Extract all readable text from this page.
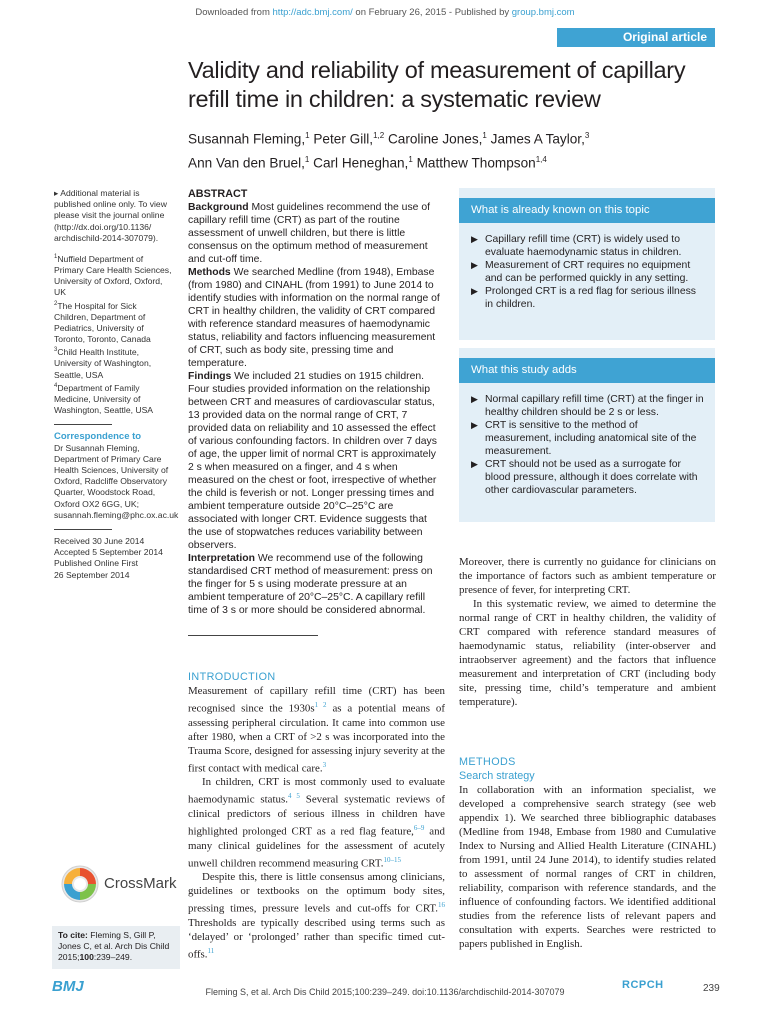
Downloaded from http://adc.bmj.com/ on February 26, 2015 - Published by group.bmj.com
Original article
Validity and reliability of measurement of capillary refill time in children: a systematic review
Susannah Fleming,$^1$ Peter Gill,$^{1,2}$ Caroline Jones,$^1$ James A Taylor,$^3$
Ann Van den Bruel,$^1$ Carl Heneghan,$^1$ Matthew Thompson$^{1,4}$
▸ Additional material is published online only. To view please visit the journal online (http://dx.doi.org/10.1136/ archdischild-2014-307079).
$^1$Nuffield Department of Primary Care Health Sciences, University of Oxford, Oxford, UK
$^2$The Hospital for Sick Children, Department of Pediatrics, University of Toronto, Toronto, Canada
$^3$Child Health Institute, University of Washington, Seattle, USA
$^4$Department of Family Medicine, University of Washington, Seattle, USA
Correspondence to
Dr Susannah Fleming, Department of Primary Care Health Sciences, University of Oxford, Radcliffe Observatory Quarter, Woodstock Road, Oxford OX2 6GG, UK; susannah.fleming@phc.ox.ac.uk
Received 30 June 2014
Accepted 5 September 2014
Published Online First
26 September 2014
CrossMark
To cite: Fleming S, Gill P, Jones C, et al. Arch Dis Child 2015;100:239–249.
BMJ
ABSTRACT
Background Most guidelines recommend the use of capillary refill time (CRT) as part of the routine assessment of unwell children, but there is little consensus on the optimum method of measurement and cut-off time.
Methods We searched Medline (from 1948), Embase (from 1980) and CINAHL (from 1991) to June 2014 to identify studies with information on the normal range of CRT in healthy children, the validity of CRT compared with reference standard measures of haemodynamic status, reliability and factors influencing measurement of CRT, such as body site, pressing time and temperature.
Findings We included 21 studies on 1915 children. Four studies provided information on the relationship between CRT and measures of cardiovascular status, 13 provided data on the normal range of CRT, 7 provided data on reliability and 10 assessed the effect of various confounding factors. In children over 7 days of age, the upper limit of normal CRT is approximately 2 s when measured on a finger, and 4 s when measured on the chest or foot, irrespective of whether the child is feverish or not. Longer pressing times and ambient temperature outside 20°C–25°C are associated with longer CRT. Evidence suggests that the use of stopwatches reduces variability between observers.
Interpretation We recommend use of the following standardised CRT method of measurement: press on the finger for 5 s using moderate pressure at an ambient temperature of 20°C–25°C. A capillary refill time of 3 s or more should be considered abnormal.
INTRODUCTION

Measurement of capillary refill time (CRT) has been recognised since the 1930s$^{1 2}$ as a potential means of assessing peripheral circulation. It came into common use after 1980, when a CRT of >2 s was incorporated into the Trauma Score, designed for assessing injury severity at the first contact with medical care.$^3$

In children, CRT is most commonly used to evaluate haemodynamic status.$^{4 5}$ Several systematic reviews of clinical predictors of serious illness in children have highlighted prolonged CRT as a red flag feature,$^{6-9}$ and many clinical guidelines for the assessment of acutely unwell children recommend measuring CRT.$^{10-15}$

Despite this, there is little consensus among clinicians, guidelines or textbooks on the optimum body sites, pressing times, pressure levels and cut-offs for CRT.$^{16}$ Thresholds are typically described using terms such as ‘delayed’ or ‘prolonged’ rather than specific timed cut-offs.$^{11}$

What is already known on this topic
▶ Capillary refill time (CRT) is widely used to evaluate haemodynamic status in children.
▶ Measurement of CRT requires no equipment and can be performed quickly in any setting.
▶ Prolonged CRT is a red flag for serious illness in children.
What this study adds
▶ Normal capillary refill time (CRT) at the finger in healthy children should be 2 s or less.
▶ CRT is sensitive to the method of measurement, including anatomical site of the measurement.
▶ CRT should not be used as a surrogate for blood pressure, although it does correlate with other cardiovascular parameters.

Moreover, there is currently no guidance for clinicians on the importance of factors such as ambient temperature or presence of fever, for interpreting CRT.

In this systematic review, we aimed to determine the normal range of CRT in healthy children, the validity of CRT compared with reference standard measures of haemodynamic status, reliability (inter-observer and intraobserver agreement) and the factors that influence measurement and interpretation of CRT (including body site, pressing time, child’s temperature and ambient temperature).

METHODS
Search strategy

In collaboration with an information specialist, we developed a comprehensive search strategy (see web appendix 1). We searched three bibliographic databases (Medline from 1948, Embase from 1980 and Cumulative Index to Nursing and Allied Health Literature (CINAHL) from 1991, until 24 June 2014), to identify studies related to assessment of normal ranges of CRT in children, reliability, comparison with reference standards, and the influence of confounding factors. We identified additional studies from the reference lists of relevant papers and consultation with experts. Searches were restricted to papers published in English.

Fleming S, et al. Arch Dis Child 2015;100:239–249. doi:10.1136/archdischild-2014-307079
RCPCH	239
